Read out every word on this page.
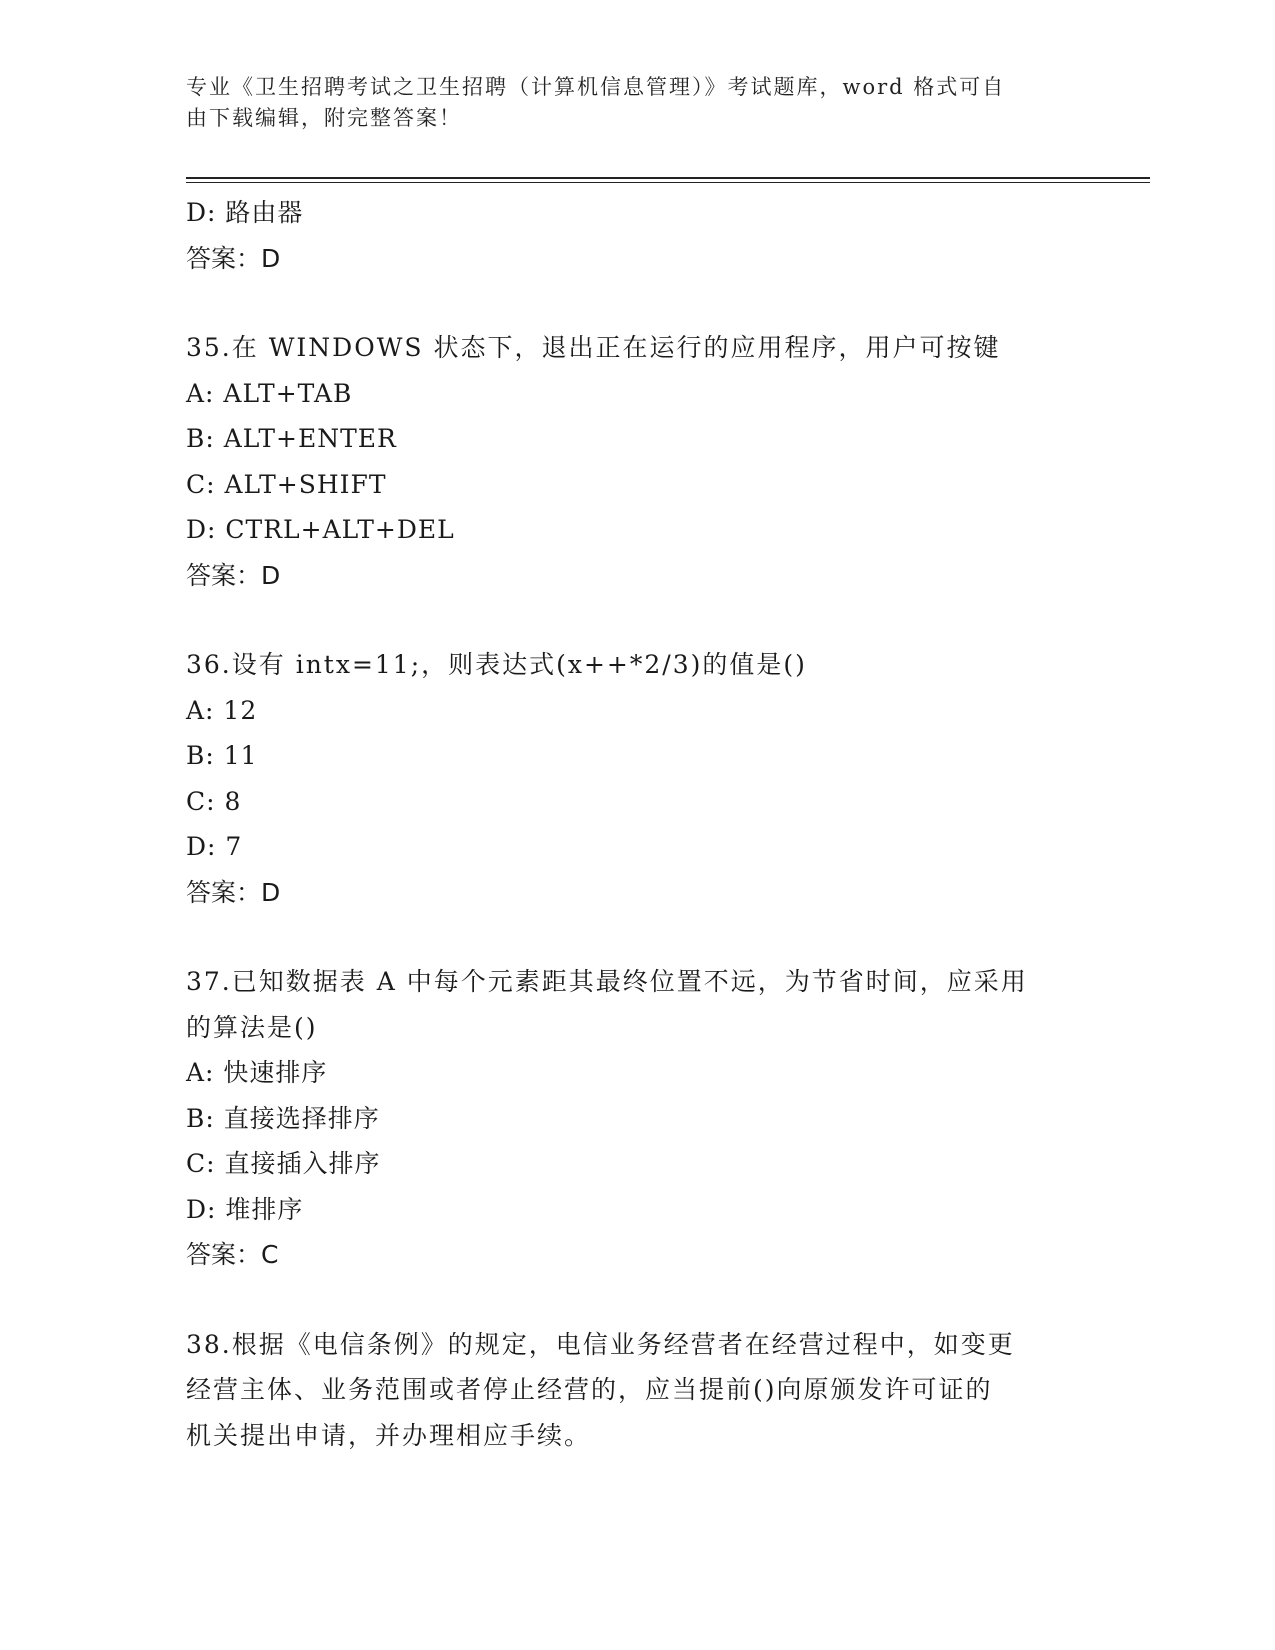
专业《卫生招聘考试之卫生招聘（计算机信息管理）》考试题库，word 格式可自
由下载编辑，附完整答案！
D: 路由器
答案：D
35.在 WINDOWS 状态下，退出正在运行的应用程序，用户可按键
A: ALT+TAB
B: ALT+ENTER
C: ALT+SHIFT
D: CTRL+ALT+DEL
答案：D
36.设有 intx=11;，则表达式(x++*2/3)的值是()
A: 12
B: 11
C: 8
D: 7
答案：D
37.已知数据表 A 中每个元素距其最终位置不远，为节省时间，应采用
的算法是()
A: 快速排序
B: 直接选择排序
C: 直接插入排序
D: 堆排序
答案：C
38.根据《电信条例》的规定，电信业务经营者在经营过程中，如变更
经营主体、业务范围或者停止经营的，应当提前()向原颁发许可证的
机关提出申请，并办理相应手续。
